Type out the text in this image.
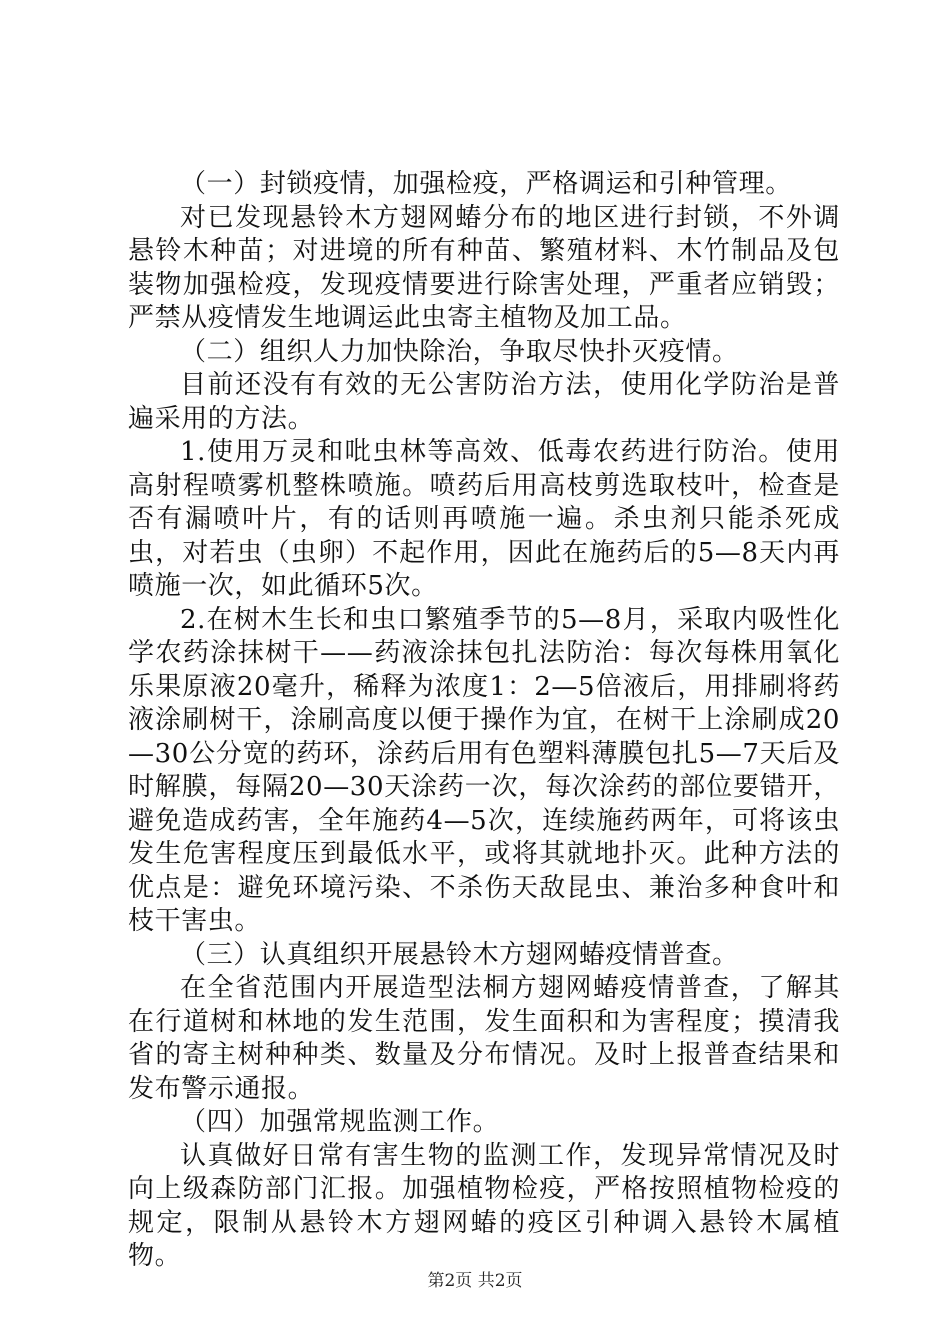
（一）封锁疫情，加强检疫，严格调运和引种管理。

对已发现悬铃木方翅网蝽分布的地区进行封锁，不外调悬铃木种苗；对进境的所有种苗、繁殖材料、木竹制品及包装物加强检疫，发现疫情要进行除害处理，严重者应销毁；严禁从疫情发生地调运此虫寄主植物及加工品。

（二）组织人力加快除治，争取尽快扑灭疫情。

目前还没有有效的无公害防治方法，使用化学防治是普遍采用的方法。

1.使用万灵和吡虫林等高效、低毒农药进行防治。使用高射程喷雾机整株喷施。喷药后用高枝剪选取枝叶，检查是否有漏喷叶片，有的话则再喷施一遍。杀虫剂只能杀死成虫，对若虫（虫卵）不起作用，因此在施药后的5—8天内再喷施一次，如此循环5次。

2.在树木生长和虫口繁殖季节的5—8月，采取内吸性化学农药涂抹树干——药液涂抹包扎法防治：每次每株用氧化乐果原液20毫升，稀释为浓度1：2—5倍液后，用排刷将药液涂刷树干，涂刷高度以便于操作为宜，在树干上涂刷成20—30公分宽的药环，涂药后用有色塑料薄膜包扎5—7天后及时解膜，每隔20—30天涂药一次，每次涂药的部位要错开，避免造成药害，全年施药4—5次，连续施药两年，可将该虫发生危害程度压到最低水平，或将其就地扑灭。此种方法的优点是：避免环境污染、不杀伤天敌昆虫、兼治多种食叶和枝干害虫。

（三）认真组织开展悬铃木方翅网蝽疫情普查。

在全省范围内开展造型法桐方翅网蝽疫情普查，了解其在行道树和林地的发生范围，发生面积和为害程度；摸清我省的寄主树种种类、数量及分布情况。及时上报普查结果和发布警示通报。

（四）加强常规监测工作。

认真做好日常有害生物的监测工作，发现异常情况及时向上级森防部门汇报。加强植物检疫，严格按照植物检疫的规定，限制从悬铃木方翅网蝽的疫区引种调入悬铃木属植物。

第2页 共2页
